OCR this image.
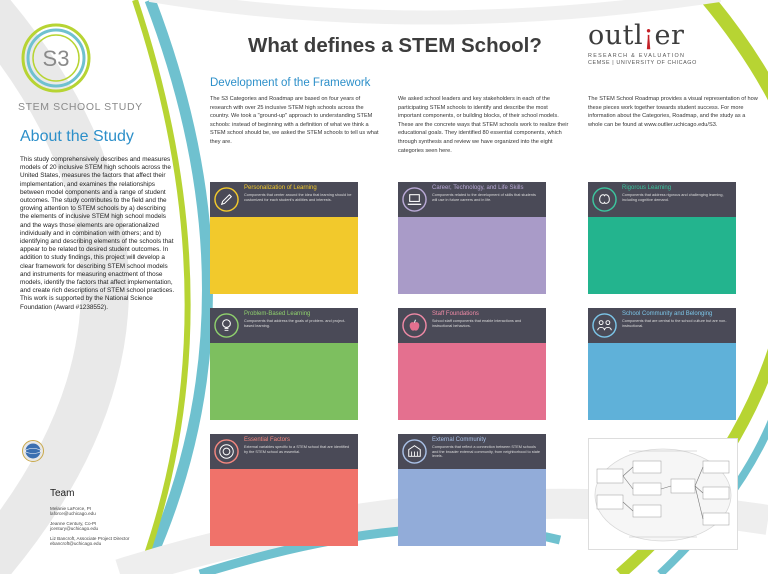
S3
STEM SCHOOL STUDY
About the Study
This study comprehensively describes and measures models of 20 inclusive STEM high schools across the United States, measures the factors that affect their implementation, and examines the relationships between model components and a range of student outcomes. The study contributes to the field and the growing attention to STEM schools by a) describing the elements of inclusive STEM high school models and the ways those elements are operationalized individually and in combination with others; and b) identifying and describing elements of the schools that appear to be related to desired student outcomes. In addition to study findings, this project will develop a clear framework for describing STEM school models and instruments for measuring enactment of those models, identify the factors that affect implementation, and create rich descriptions of STEM school practices. This work is supported by the National Science Foundation (Award #1238552).
Team
Melanie LaForce, PI
laforce@uchicago.edu
Jeanne Century, Co-PI
jcentury@uchicago.edu
Liz Bancroft, Associate Project Director
ebancroft@uchicago.edu
What defines a STEM School? outl¡er
RESEARCH & EVALUATION
CEMSE | UNIVERSITY OF CHICAGO
Development of the Framework
The S3 Categories and Roadmap are based on four years of research with over 25 inclusive STEM high schools across the country. We took a "ground-up" approach to understanding STEM schools: instead of beginning with a definition of what we think a STEM school should be, we asked the STEM schools to tell us what they are.
We asked school leaders and key stakeholders in each of the participating STEM schools to identify and describe the most important components, or building blocks, of their school models. These are the concrete ways that STEM schools work to realize their educational goals. They identified 80 essential components, which through synthesis and review we have organized into the eight categories seen here.
The STEM School Roadmap provides a visual representation of how these pieces work together towards student success. For more information about the Categories, Roadmap, and the study as a whole can be found at www.outlier.uchicago.edu/S3.
Personalization of Learning
Components that center around the idea that learning should be customized for each student's abilities and interests.
Career, Technology, and Life Skills
Components related to the development of skills that students will use in future careers and in life.
Rigorous Learning
Components that address rigorous and challenging learning, including cognitive demand.
Problem-Based Learning
Components that address the goals of problem- and project-based learning.
Staff Foundations
School staff components that enable interactions and instructional behaviors.
School Community and Belonging
Components that are central to the school culture but are non-instructional.
Essential Factors
External variables specific to a STEM school that are identified by the STEM school as essential.
External Community
Components that reflect a connection between STEM schools and the broader external community, from neighborhood to state levels.
